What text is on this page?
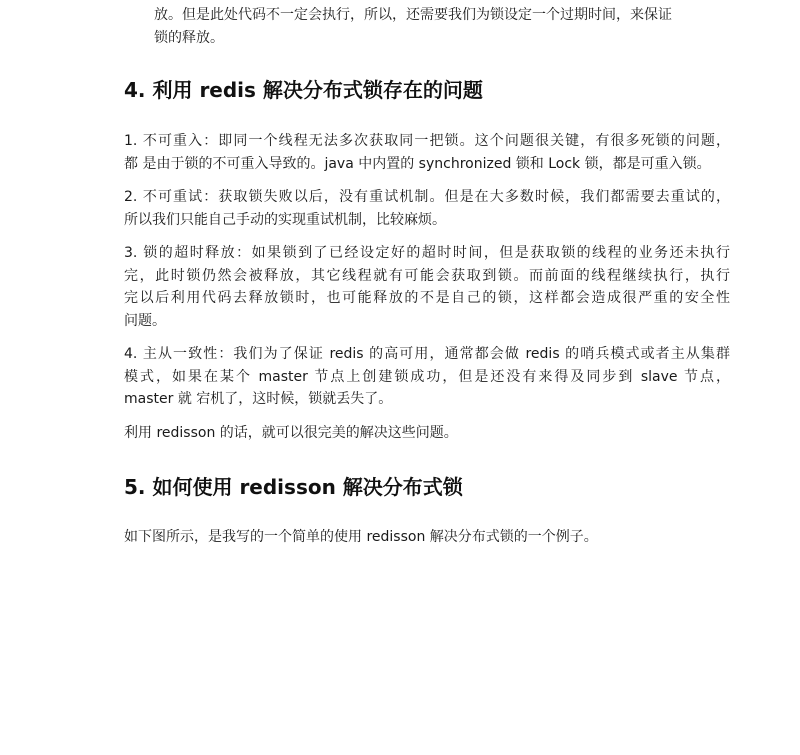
放。但是此处代码不一定会执行，所以，还需要我们为锁设定一个过期时间，来保证
锁的释放。
4. 利用 redis 解决分布式锁存在的问题
1. 不可重入：即同一个线程无法多次获取同一把锁。这个问题很关键，有很多死锁的问题，
都 是由于锁的不可重入导致的。java 中内置的 synchronized 锁和 Lock 锁，都是可重入锁。
2. 不可重试：获取锁失败以后，没有重试机制。但是在大多数时候，我们都需要去重试的，
所以我们只能自己手动的实现重试机制，比较麻烦。
3. 锁的超时释放：如果锁到了已经设定好的超时时间，但是获取锁的线程的业务还未执行
完，此时锁仍然会被释放，其它线程就有可能会获取到锁。而前面的线程继续执行，执行
完以后利用代码去释放锁时，也可能释放的不是自己的锁，这样都会造成很严重的安全性
问题。
4. 主从一致性：我们为了保证 redis 的高可用，通常都会做 redis 的哨兵模式或者主从集群
模式，如果在某个 master 节点上创建锁成功，但是还没有来得及同步到 slave 节点，
master 就 宕机了，这时候，锁就丢失了。
利用 redisson 的话，就可以很完美的解决这些问题。
5. 如何使用 redisson 解决分布式锁
如下图所示，是我写的一个简单的使用 redisson 解决分布式锁的一个例子。
